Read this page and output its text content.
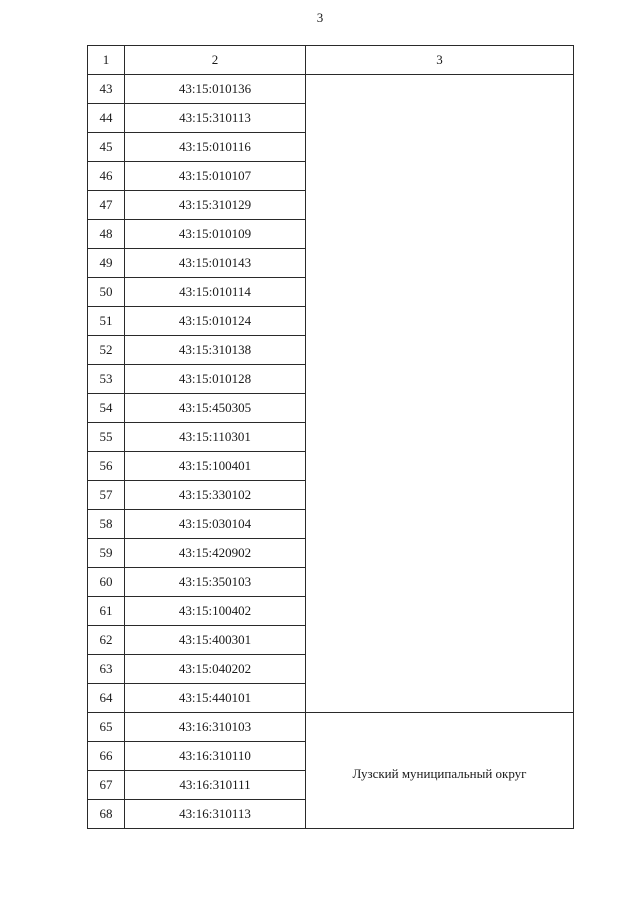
3
1	2	3
43	43:15:010136	
44	43:15:310113	
45	43:15:010116	
46	43:15:010107	
47	43:15:310129	
48	43:15:010109	
49	43:15:010143	
50	43:15:010114	
51	43:15:010124	
52	43:15:310138	
53	43:15:010128	
54	43:15:450305	
55	43:15:110301	
56	43:15:100401	
57	43:15:330102	
58	43:15:030104	
59	43:15:420902	
60	43:15:350103	
61	43:15:100402	
62	43:15:400301	
63	43:15:040202	
64	43:15:440101	
65	43:16:310103	Лузский муниципальный округ

66	43:16:310110	
67	43:16:310111	
68	43:16:310113	
